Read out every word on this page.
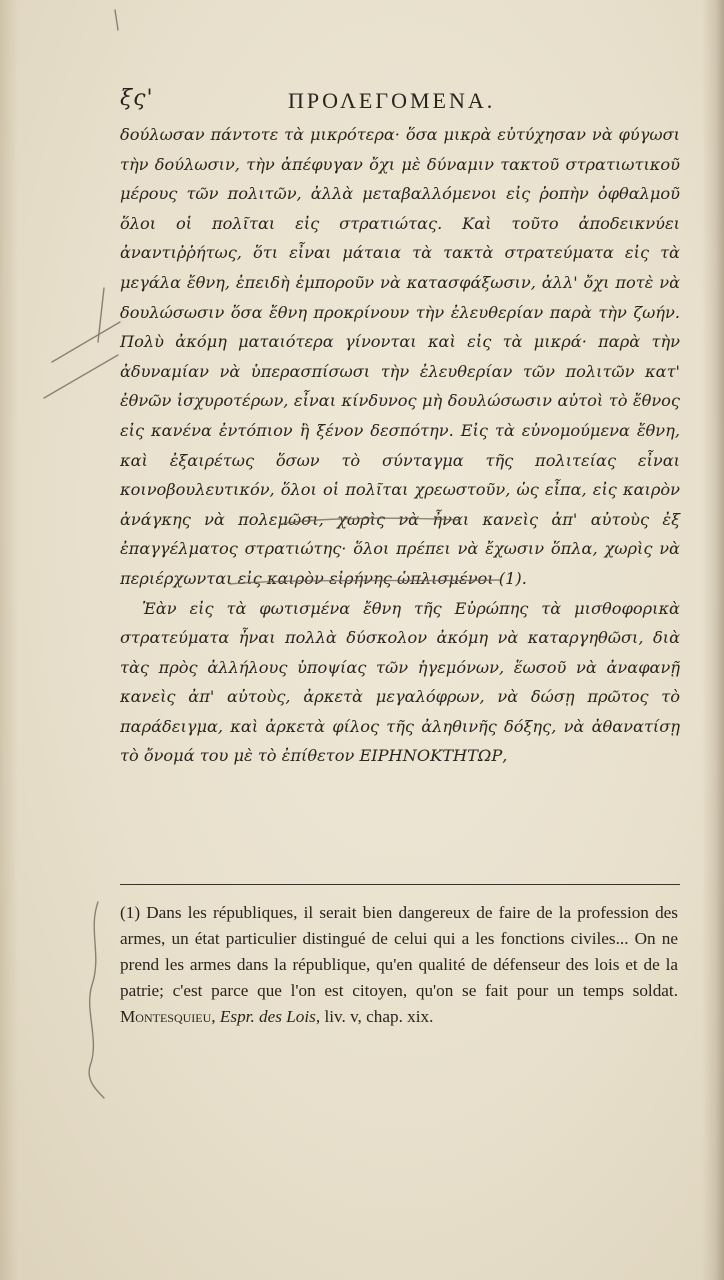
ξς'	ΠΡΟΛΕΓΟΜΕΝΑ.

δούλωσαν πάντοτε τὰ μικρότερα· ὅσα μικρὰ εὐτύχησαν νὰ φύγωσι τὴν δούλωσιν, τὴν ἀπέφυγαν ὄχι μὲ δύναμιν τακτοῦ στρατιωτικοῦ μέρους τῶν πολιτῶν, ἀλλὰ μεταβαλλόμενοι εἰς ῥοπὴν ὀφθαλμοῦ ὅλοι οἱ πολῖται εἰς στρατιώτας. Καὶ τοῦτο ἀποδεικνύει ἀναντιῤῥήτως, ὅτι εἶναι μάταια τὰ τακτὰ στρατεύματα εἰς τὰ μεγάλα ἔθνη, ἐπειδὴ ἐμποροῦν νὰ κατασφάξωσιν, ἀλλ' ὄχι ποτὲ νὰ δουλώσωσιν ὅσα ἔθνη προκρίνουν τὴν ἐλευθερίαν παρὰ τὴν ζωήν. Πολὺ ἀκόμη ματαιότερα γίνονται καὶ εἰς τὰ μικρά· παρὰ τὴν ἀδυναμίαν νὰ ὑπερασπίσωσι τὴν ἐλευθερίαν τῶν πολιτῶν κατ' ἐθνῶν ἰσχυροτέρων, εἶναι κίνδυνος μὴ δουλώσωσιν αὐτοὶ τὸ ἔθνος εἰς κανένα ἐντόπιον ἢ ξένον δεσπότην. Εἰς τὰ εὐνομούμενα ἔθνη, καὶ ἐξαιρέτως ὅσων τὸ σύνταγμα τῆς πολιτείας εἶναι κοινοβουλευτικόν, ὅλοι οἱ πολῖται χρεωστοῦν, ὡς εἶπα, εἰς καιρὸν ἀνάγκης νὰ πολεμῶσι, χωρὶς νὰ ἦναι κανεὶς ἀπ' αὐτοὺς ἐξ ἐπαγγέλματος στρατιώτης· ὅλοι πρέπει νὰ ἔχωσιν ὅπλα, χωρὶς νὰ περιέρχωνται εἰς καιρὸν εἰρήνης ὡπλισμένοι (1).

Ἐὰν εἰς τὰ φωτισμένα ἔθνη τῆς Εὐρώπης τὰ μισθοφορικὰ στρατεύματα ἦναι πολλὰ δύσκολον ἀκόμη νὰ καταργηθῶσι, διὰ τὰς πρὸς ἀλλήλους ὑποψίας τῶν ἡγεμόνων, ἕωσοῦ νὰ ἀναφανῇ κανεὶς ἀπ' αὐτοὺς, ἀρκετὰ μεγαλόφρων, νὰ δώσῃ πρῶτος τὸ παράδειγμα, καὶ ἀρκετὰ φίλος τῆς ἀληθινῆς δόξης, νὰ ἀθανατίσῃ τὸ ὄνομά του μὲ τὸ ἐπίθετον ΕΙΡΗΝΟΚΤΗΤΩΡ,

(1) Dans les républiques, il serait bien dangereux de faire de la profession des armes, un état particulier distingué de celui qui a les fonctions civiles... On ne prend les armes dans la république, qu'en qualité de défenseur des lois et de la patrie; c'est parce que l'on est citoyen, qu'on se fait pour un temps soldat. Montesquieu, Espr. des Lois, liv. v, chap. xix.
